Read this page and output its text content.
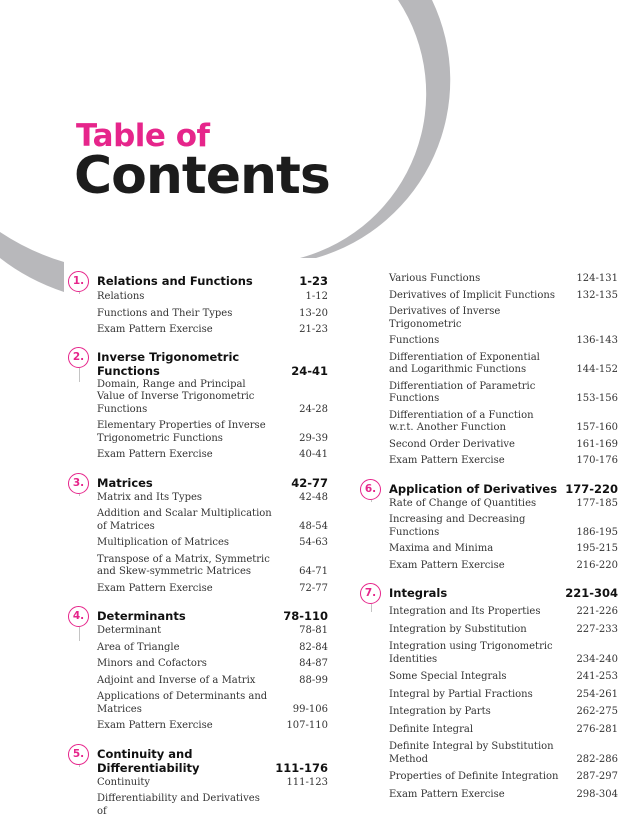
Table of
Contents
1.	Relations and Functions	1-23
Relations	1-12
Functions and Their Types	13-20
Exam Pattern Exercise	21-23
2.	Inverse Trigonometric Functions	24-41
Domain, Range and Principal Value of Inverse Trigonometric Functions	24-28
Elementary Properties of Inverse Trigonometric Functions	29-39
Exam Pattern Exercise	40-41
3.	Matrices	42-77
Matrix and Its Types	42-48
Addition and Scalar Multiplication of Matrices	48-54
Multiplication of Matrices	54-63
Transpose of a Matrix, Symmetric and Skew-symmetric Matrices	64-71
Exam Pattern Exercise	72-77
4.	Determinants	78-110
Determinant	78-81
Area of Triangle	82-84
Minors and Cofactors	84-87
Adjoint and Inverse of a Matrix	88-99
Applications of Determinants and Matrices	99-106
Exam Pattern Exercise	107-110
5.	Continuity and Differentiability	111-176
Continuity	111-123
Differentiability and Derivatives of
Various Functions	124-131
Derivatives of Implicit Functions 132-135
Derivatives of Inverse Trigonometric
Functions	136-143
Differentiation of Exponential and Logarithmic Functions	144-152
Differentiation of Parametric Functions	153-156
Differentiation of a Function w.r.t. Another Function	157-160
Second Order Derivative	161-169
Exam Pattern Exercise	170-176
6.	Application of Derivatives 177-220
Rate of Change of Quantities	177-185
Increasing and Decreasing Functions	186-195
Maxima and Minima	195-215
Exam Pattern Exercise	216-220
7.	Integrals	221-304
Integration and Its Properties	221-226
Integration by Substitution	227-233
Integration using Trigonometric Identities	234-240
Some Special Integrals	241-253
Integral by Partial Fractions	254-261
Integration by Parts	262-275
Definite Integral	276-281
Definite Integral by Substitution Method	282-286
Properties of Definite Integration 287-297
Exam Pattern Exercise	298-304
